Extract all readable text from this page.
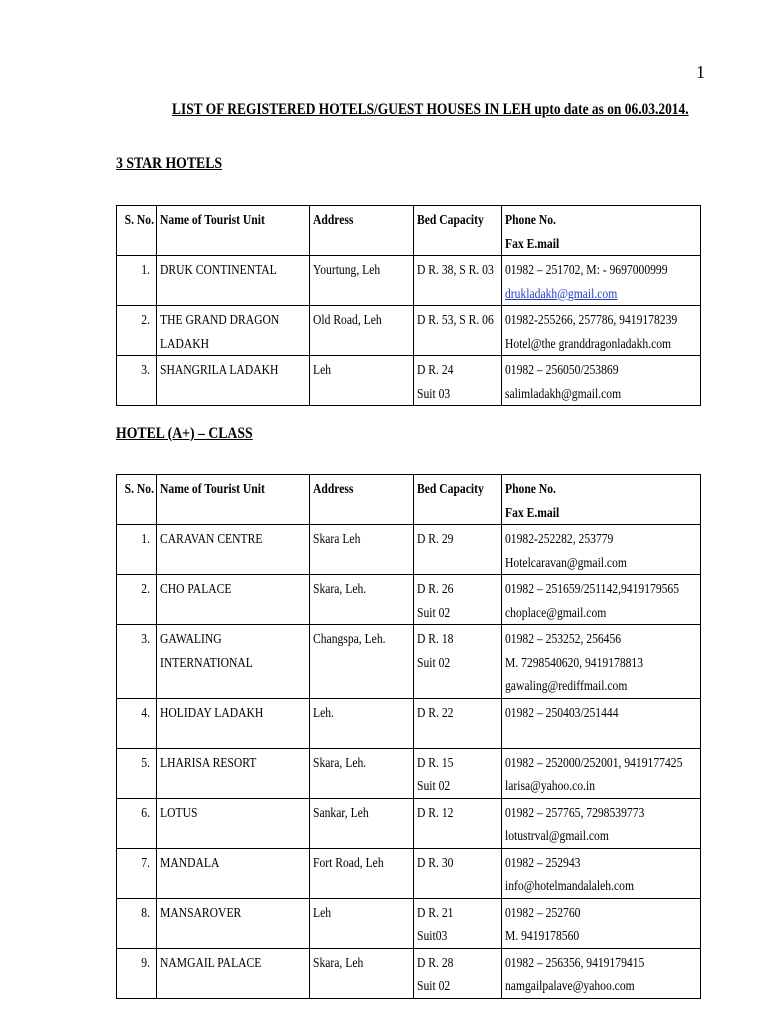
1
LIST OF REGISTERED HOTELS/GUEST HOUSES IN LEH upto date as on 06.03.2014.
3 STAR HOTELS
S. No.	Name of Tourist Unit	Address	Bed Capacity	Phone No.
Fax E.mail

1.	DRUK CONTINENTAL	Yourtung, Leh	D R. 38, S R. 03	01982 – 251702, M: - 9697000999
drukladakh@gmail.com

2.	THE GRAND DRAGON
LADAKH	Old Road, Leh	D R. 53, S R. 06	01982-255266, 257786, 9419178239
Hotel@the granddragonladakh.com

3.	SHANGRILA LADAKH	Leh	D R. 24
Suit 03	01982 – 256050/253869
salimladakh@gmail.com
HOTEL (A+) – CLASS
S. No.	Name of Tourist Unit	Address	Bed Capacity	Phone No.
Fax E.mail

1.	CARAVAN CENTRE	Skara Leh	D R. 29	01982-252282, 253779
Hotelcaravan@gmail.com

2.	CHO PALACE	Skara, Leh.	D R. 26
Suit 02	01982 – 251659/251142,9419179565
choplace@gmail.com

3.	GAWALING
INTERNATIONAL	Changspa, Leh.	D R. 18
Suit 02	01982 – 253252, 256456
M. 7298540620, 9419178813
gawaling@rediffmail.com

4.	HOLIDAY LADAKH	Leh.	D R. 22	01982 – 250403/251444

5.	LHARISA RESORT	Skara, Leh.	D R. 15
Suit 02	01982 – 252000/252001, 9419177425
larisa@yahoo.co.in

6.	LOTUS	Sankar, Leh	D R. 12	01982 – 257765, 7298539773
lotustrval@gmail.com

7.	MANDALA	Fort Road, Leh	D R. 30	01982 – 252943
info@hotelmandalaleh.com

8.	MANSAROVER	Leh	D R. 21
Suit03	01982 – 252760
M. 9419178560

9.	NAMGAIL PALACE	Skara, Leh	D R. 28
Suit 02	01982 – 256356, 9419179415
namgailpalave@yahoo.com
